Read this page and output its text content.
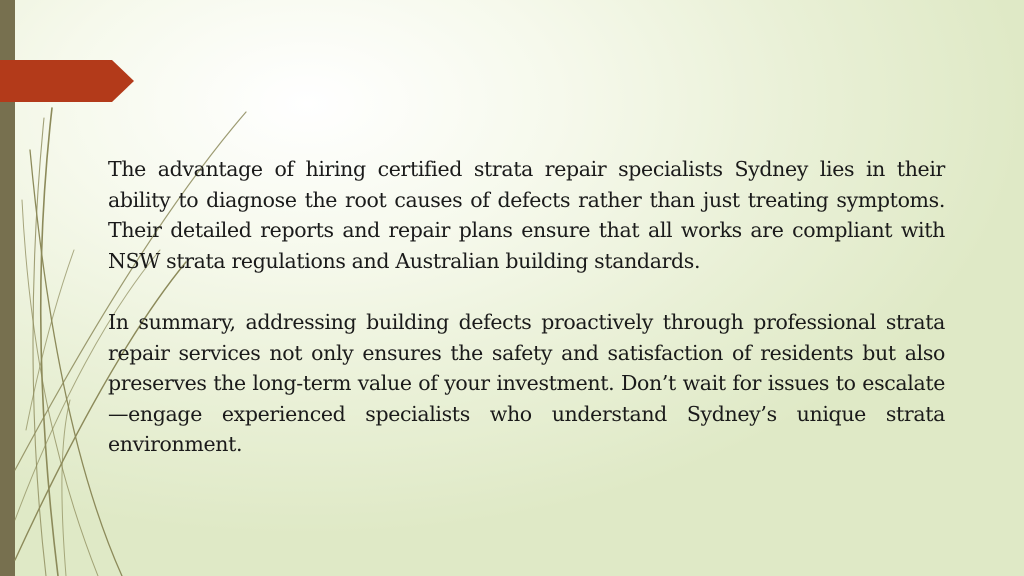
The advantage of hiring certified strata repair specialists Sydney lies in their ability to diagnose the root causes of defects rather than just treating symptoms. Their detailed reports and repair plans ensure that all works are compliant with NSW strata regulations and Australian building standards.

In summary, addressing building defects proactively through professional strata repair services not only ensures the safety and satisfaction of residents but also preserves the long-term value of your investment. Don’t wait for issues to escalate—engage experienced specialists who understand Sydney’s unique strata environment.
